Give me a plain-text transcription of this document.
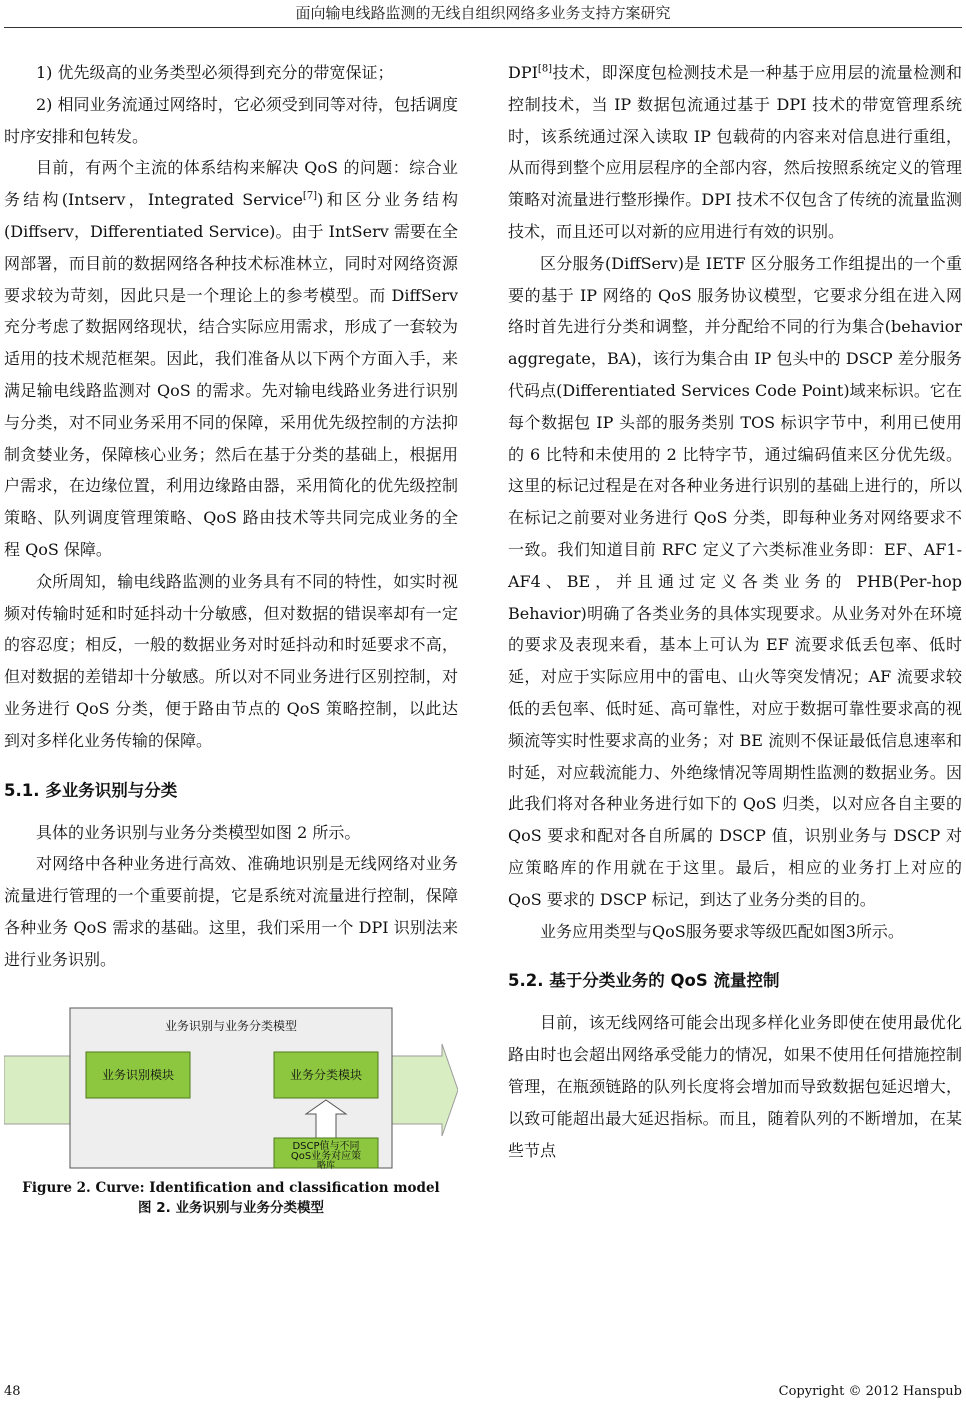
面向输电线路监测的无线自组织网络多业务支持方案研究

1) 优先级高的业务类型必须得到充分的带宽保证；

2) 相同业务流通过网络时，它必须受到同等对待，包括调度时序安排和包转发。

目前，有两个主流的体系结构来解决 QoS 的问题：综合业务结构(Intserv，Integrated Service[7])和区分业务结构(Diffserv，Differentiated Service)。由于 IntServ 需要在全网部署，而目前的数据网络各种技术标准林立，同时对网络资源要求较为苛刻，因此只是一个理论上的参考模型。而 DiffServ 充分考虑了数据网络现状，结合实际应用需求，形成了一套较为适用的技术规范框架。因此，我们准备从以下两个方面入手，来满足输电线路监测对 QoS 的需求。先对输电线路业务进行识别与分类，对不同业务采用不同的保障，采用优先级控制的方法抑制贪婪业务，保障核心业务；然后在基于分类的基础上，根据用户需求，在边缘位置，利用边缘路由器，采用简化的优先级控制策略、队列调度管理策略、QoS 路由技术等共同完成业务的全程 QoS 保障。

众所周知，输电线路监测的业务具有不同的特性，如实时视频对传输时延和时延抖动十分敏感，但对数据的错误率却有一定的容忍度；相反，一般的数据业务对时延抖动和时延要求不高，但对数据的差错却十分敏感。所以对不同业务进行区别控制，对业务进行 QoS 分类，便于路由节点的 QoS 策略控制，以此达到对多样化业务传输的保障。

5.1. 多业务识别与分类

具体的业务识别与业务分类模型如图 2 所示。

对网络中各种业务进行高效、准确地识别是无线网络对业务流量进行管理的一个重要前提，它是系统对流量进行控制，保障各种业务 QoS 需求的基础。这里，我们采用一个 DPI 识别法来进行业务识别。

业务识别与业务分类模型
业务识别模块	业务分类模块
DSCP值与不同
QoS业务对应策
略库

Figure 2. Curve: Identification and classification model

图 2. 业务识别与业务分类模型

DPI[8]技术，即深度包检测技术是一种基于应用层的流量检测和控制技术，当 IP 数据包流通过基于 DPI 技术的带宽管理系统时，该系统通过深入读取 IP 包载荷的内容来对信息进行重组，从而得到整个应用层程序的全部内容，然后按照系统定义的管理策略对流量进行整形操作。DPI 技术不仅包含了传统的流量监测技术，而且还可以对新的应用进行有效的识别。

区分服务(DiffServ)是 IETF 区分服务工作组提出的一个重要的基于 IP 网络的 QoS 服务协议模型，它要求分组在进入网络时首先进行分类和调整，并分配给不同的行为集合(behavior aggregate，BA)，该行为集合由 IP 包头中的 DSCP 差分服务代码点(Differentiated Services Code Point)域来标识。它在每个数据包 IP 头部的服务类别 TOS 标识字节中，利用已使用的 6 比特和未使用的 2 比特字节，通过编码值来区分优先级。这里的标记过程是在对各种业务进行识别的基础上进行的，所以在标记之前要对业务进行 QoS 分类，即每种业务对网络要求不一致。我们知道目前 RFC 定义了六类标准业务即：EF、AF1-AF4、BE，并且通过定义各类业务的 PHB(Per-hop Behavior)明确了各类业务的具体实现要求。从业务对外在环境的要求及表现来看，基本上可认为 EF 流要求低丢包率、低时延，对应于实际应用中的雷电、山火等突发情况；AF 流要求较低的丢包率、低时延、高可靠性，对应于数据可靠性要求高的视频流等实时性要求高的业务；对 BE 流则不保证最低信息速率和时延，对应载流能力、外绝缘情况等周期性监测的数据业务。因此我们将对各种业务进行如下的 QoS 归类，以对应各自主要的 QoS 要求和配对各自所属的 DSCP 值，识别业务与 DSCP 对应策略库的作用就在于这里。最后，相应的业务打上对应的 QoS 要求的 DSCP 标记，到达了业务分类的目的。

业务应用类型与QoS服务要求等级匹配如图3所示。

5.2. 基于分类业务的 QoS 流量控制

目前，该无线网络可能会出现多样化业务即使在使用最优化路由时也会超出网络承受能力的情况，如果不使用任何措施控制管理，在瓶颈链路的队列长度将会增加而导致数据包延迟增大，以致可能超出最大延迟指标。而且，随着队列的不断增加，在某些节点

48	Copyright © 2012 Hanspub
